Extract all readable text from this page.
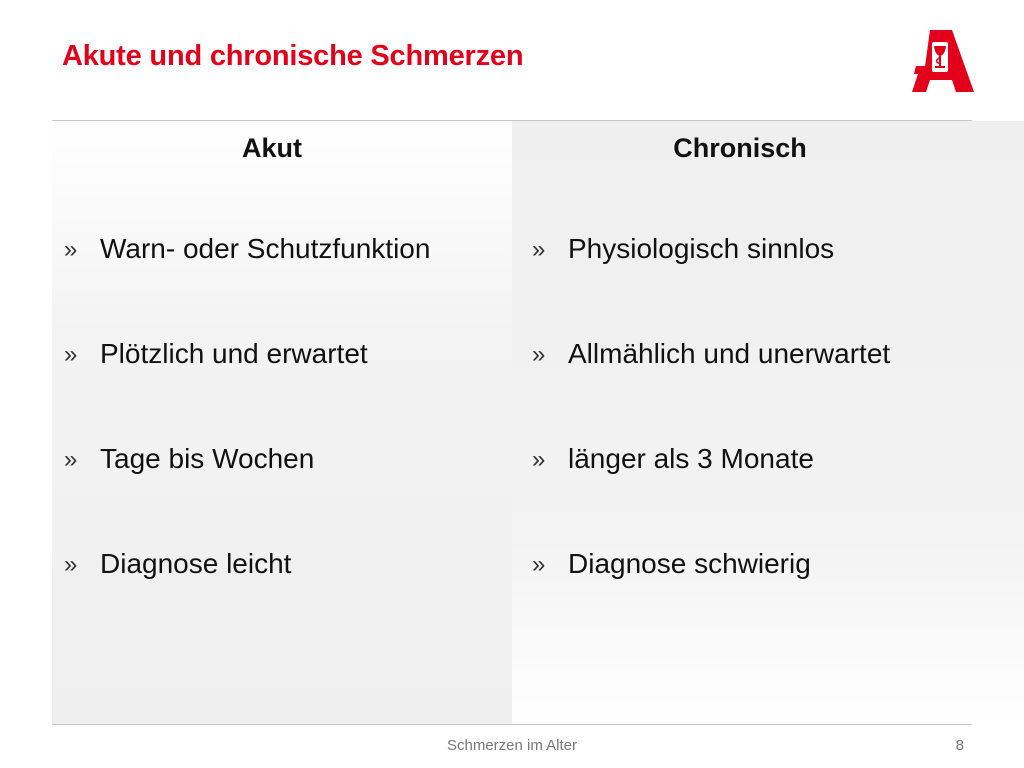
Akute und chronische Schmerzen
Akut
» Warn- oder Schutzfunktion
» Plötzlich und erwartet
» Tage bis Wochen
» Diagnose leicht
Chronisch
» Physiologisch sinnlos
» Allmählich und unerwartet
» länger als 3 Monate
» Diagnose schwierig
Schmerzen im Alter	8
